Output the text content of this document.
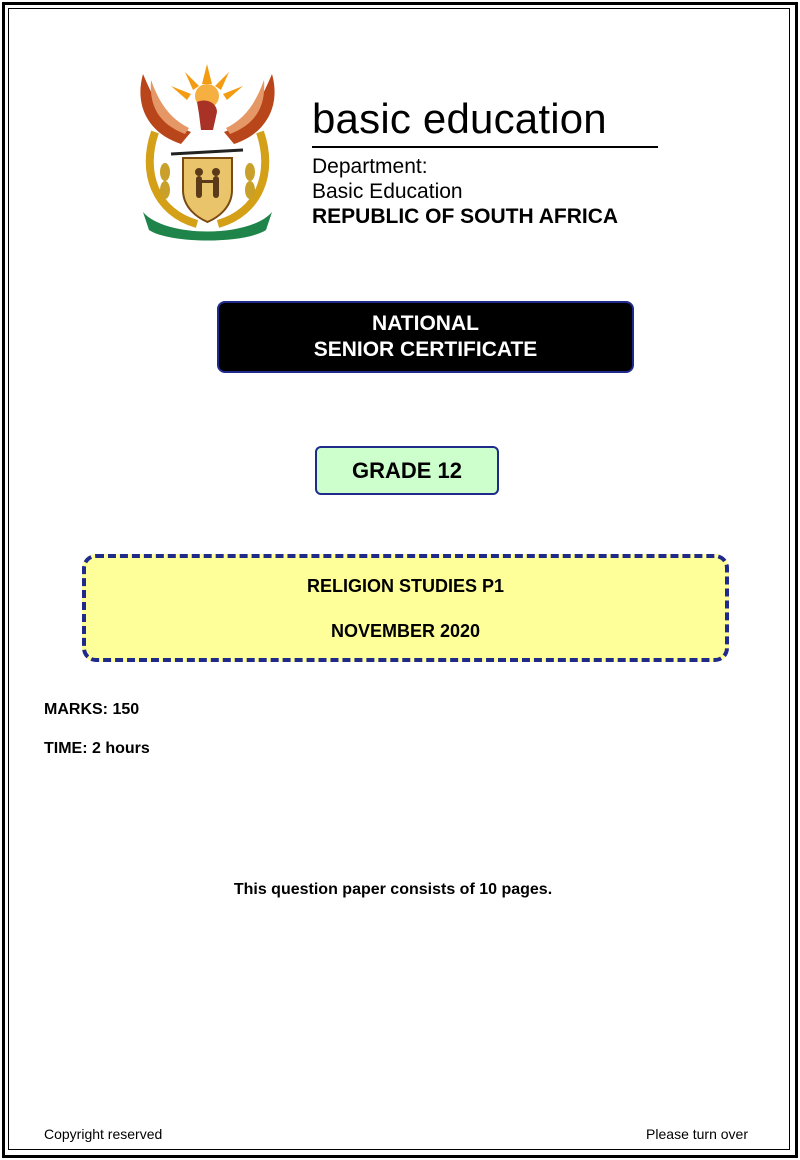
basic education
Department:
Basic Education
REPUBLIC OF SOUTH AFRICA
NATIONAL
SENIOR CERTIFICATE
GRADE 12
RELIGION STUDIES P1
NOVEMBER 2020
MARKS: 150
TIME: 2 hours
This question paper consists of 10 pages.
Copyright reserved	Please turn over
